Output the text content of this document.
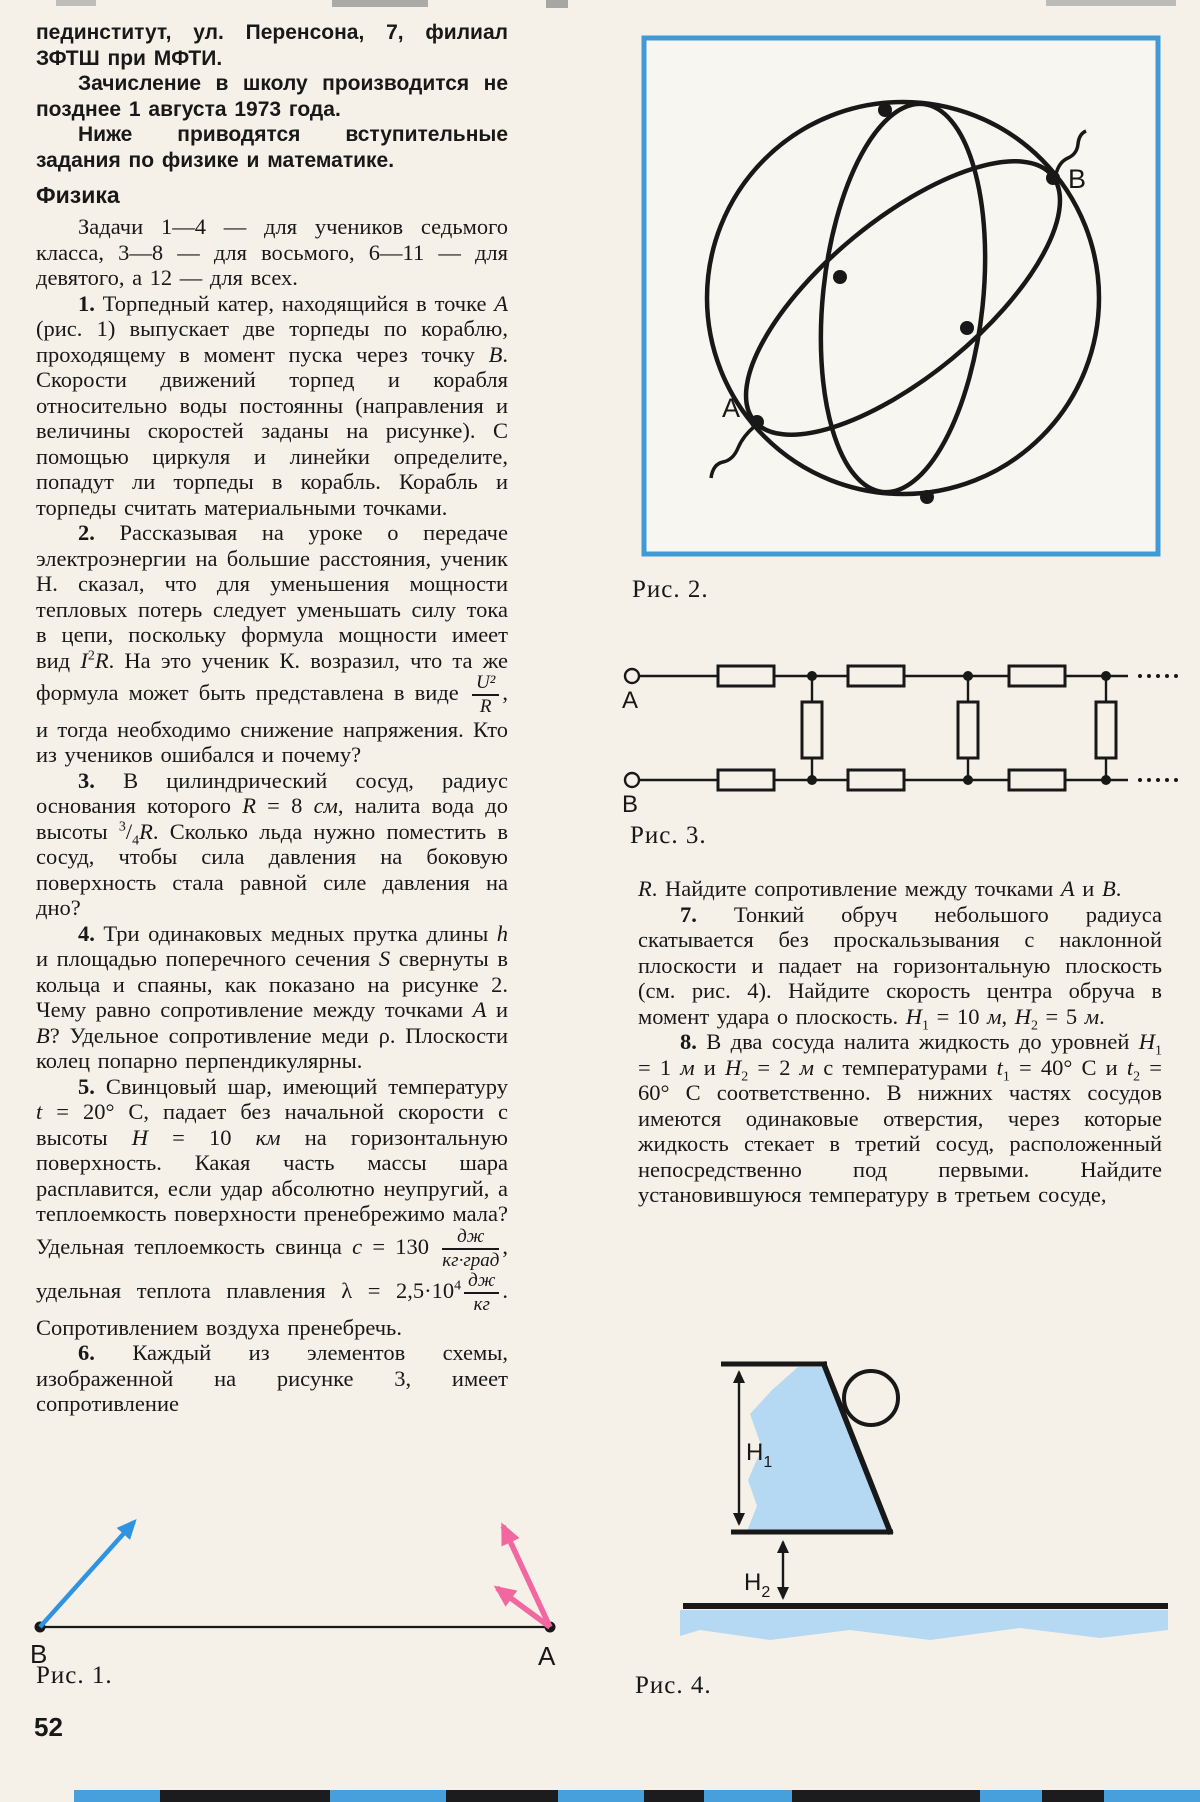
пединститут, ул. Перенсона, 7, филиал ЗФТШ при МФТИ.
Зачисление в школу производится не позднее 1 августа 1973 года.
Ниже приводятся вступительные задания по физике и математике.
Физика
Задачи 1—4 — для учеников седьмого класса, 3—8 — для восьмого, 6—11 — для девятого, а 12 — для всех.
1. Торпедный катер, находящийся в точке А (рис. 1) выпускает две торпеды по кораблю, проходящему в момент пуска через точку В. Скорости движений торпед и корабля относительно воды постоянны (направления и величины скоростей заданы на рисунке). С помощью циркуля и линейки определите, попадут ли торпеды в корабль. Корабль и торпеды считать материальными точками.
2. Рассказывая на уроке о передаче электроэнергии на большие расстояния, ученик Н. сказал, что для уменьшения мощности тепловых потерь следует уменьшать силу тока в цепи, поскольку формула мощности имеет вид $I^2R$. На это ученик К. возразил, что та же формула может быть представлена в виде $\frac{\text{U²}}{R}$ , и тогда необходимо снижение напряжения. Кто из учеников ошибался и почему?
3. В цилиндрический сосуд, радиус основания которого R = 8 см, налита вода до высоты $^3/_4R$. Сколько льда нужно поместить в сосуд, чтобы сила давления на боковую поверхность стала равной силе давления на дно?
4. Три одинаковых медных прутка длины h и площадью поперечного сечения S свернуты в кольца и спаяны, как показано на рисунке 2. Чему равно сопротивление между точками А и В? Удельное сопротивление меди ρ. Плоскости колец попарно перпендикулярны.
5. Свинцовый шар, имеющий температуру t = 20° С, падает без начальной скорости с высоты H = 10 км на горизонтальную поверхность. Какая часть массы шара расплавится, если удар абсолютно неупругий, а теплоемкость поверхности пренебрежимо мала? Удельная теплоемкость свинца $c = 130 \frac{дж}{\text{кг·град}}$ , удельная теплота плавления $\lambda = 2,5\cdot 10^4 \frac{дж}{кг}$ . Сопротивлением воздуха пренебречь.
6. Каждый из элементов схемы, изображенной на рисунке 3, имеет сопротивление
В	А
Рис. 1.
52
А
В
Рис. 2.
А
В
Рис. 3.
R. Найдите сопротивление между точками А и В.
7. Тонкий обруч небольшого радиуса скатывается без проскальзывания с наклонной плоскости и падает на горизонтальную плоскость (см. рис. 4). Найдите скорость центра обруча в момент удара о плоскость. $H_1 = 10$ м, $H_2 = 5$ м.
8. В два сосуда налита жидкость до уровней $H_1 = 1$ м и $H_2 = 2$ м с температурами $t_1 = 40^\circ$ C и $t_2 = 60^\circ$ C соответственно. В нижних частях сосудов имеются одинаковые отверстия, через которые жидкость стекает в третий сосуд, расположенный непосредственно под первыми. Найдите установившуюся температуру в третьем сосуде,
$Н_1$
$Н_2$
Рис. 4.
